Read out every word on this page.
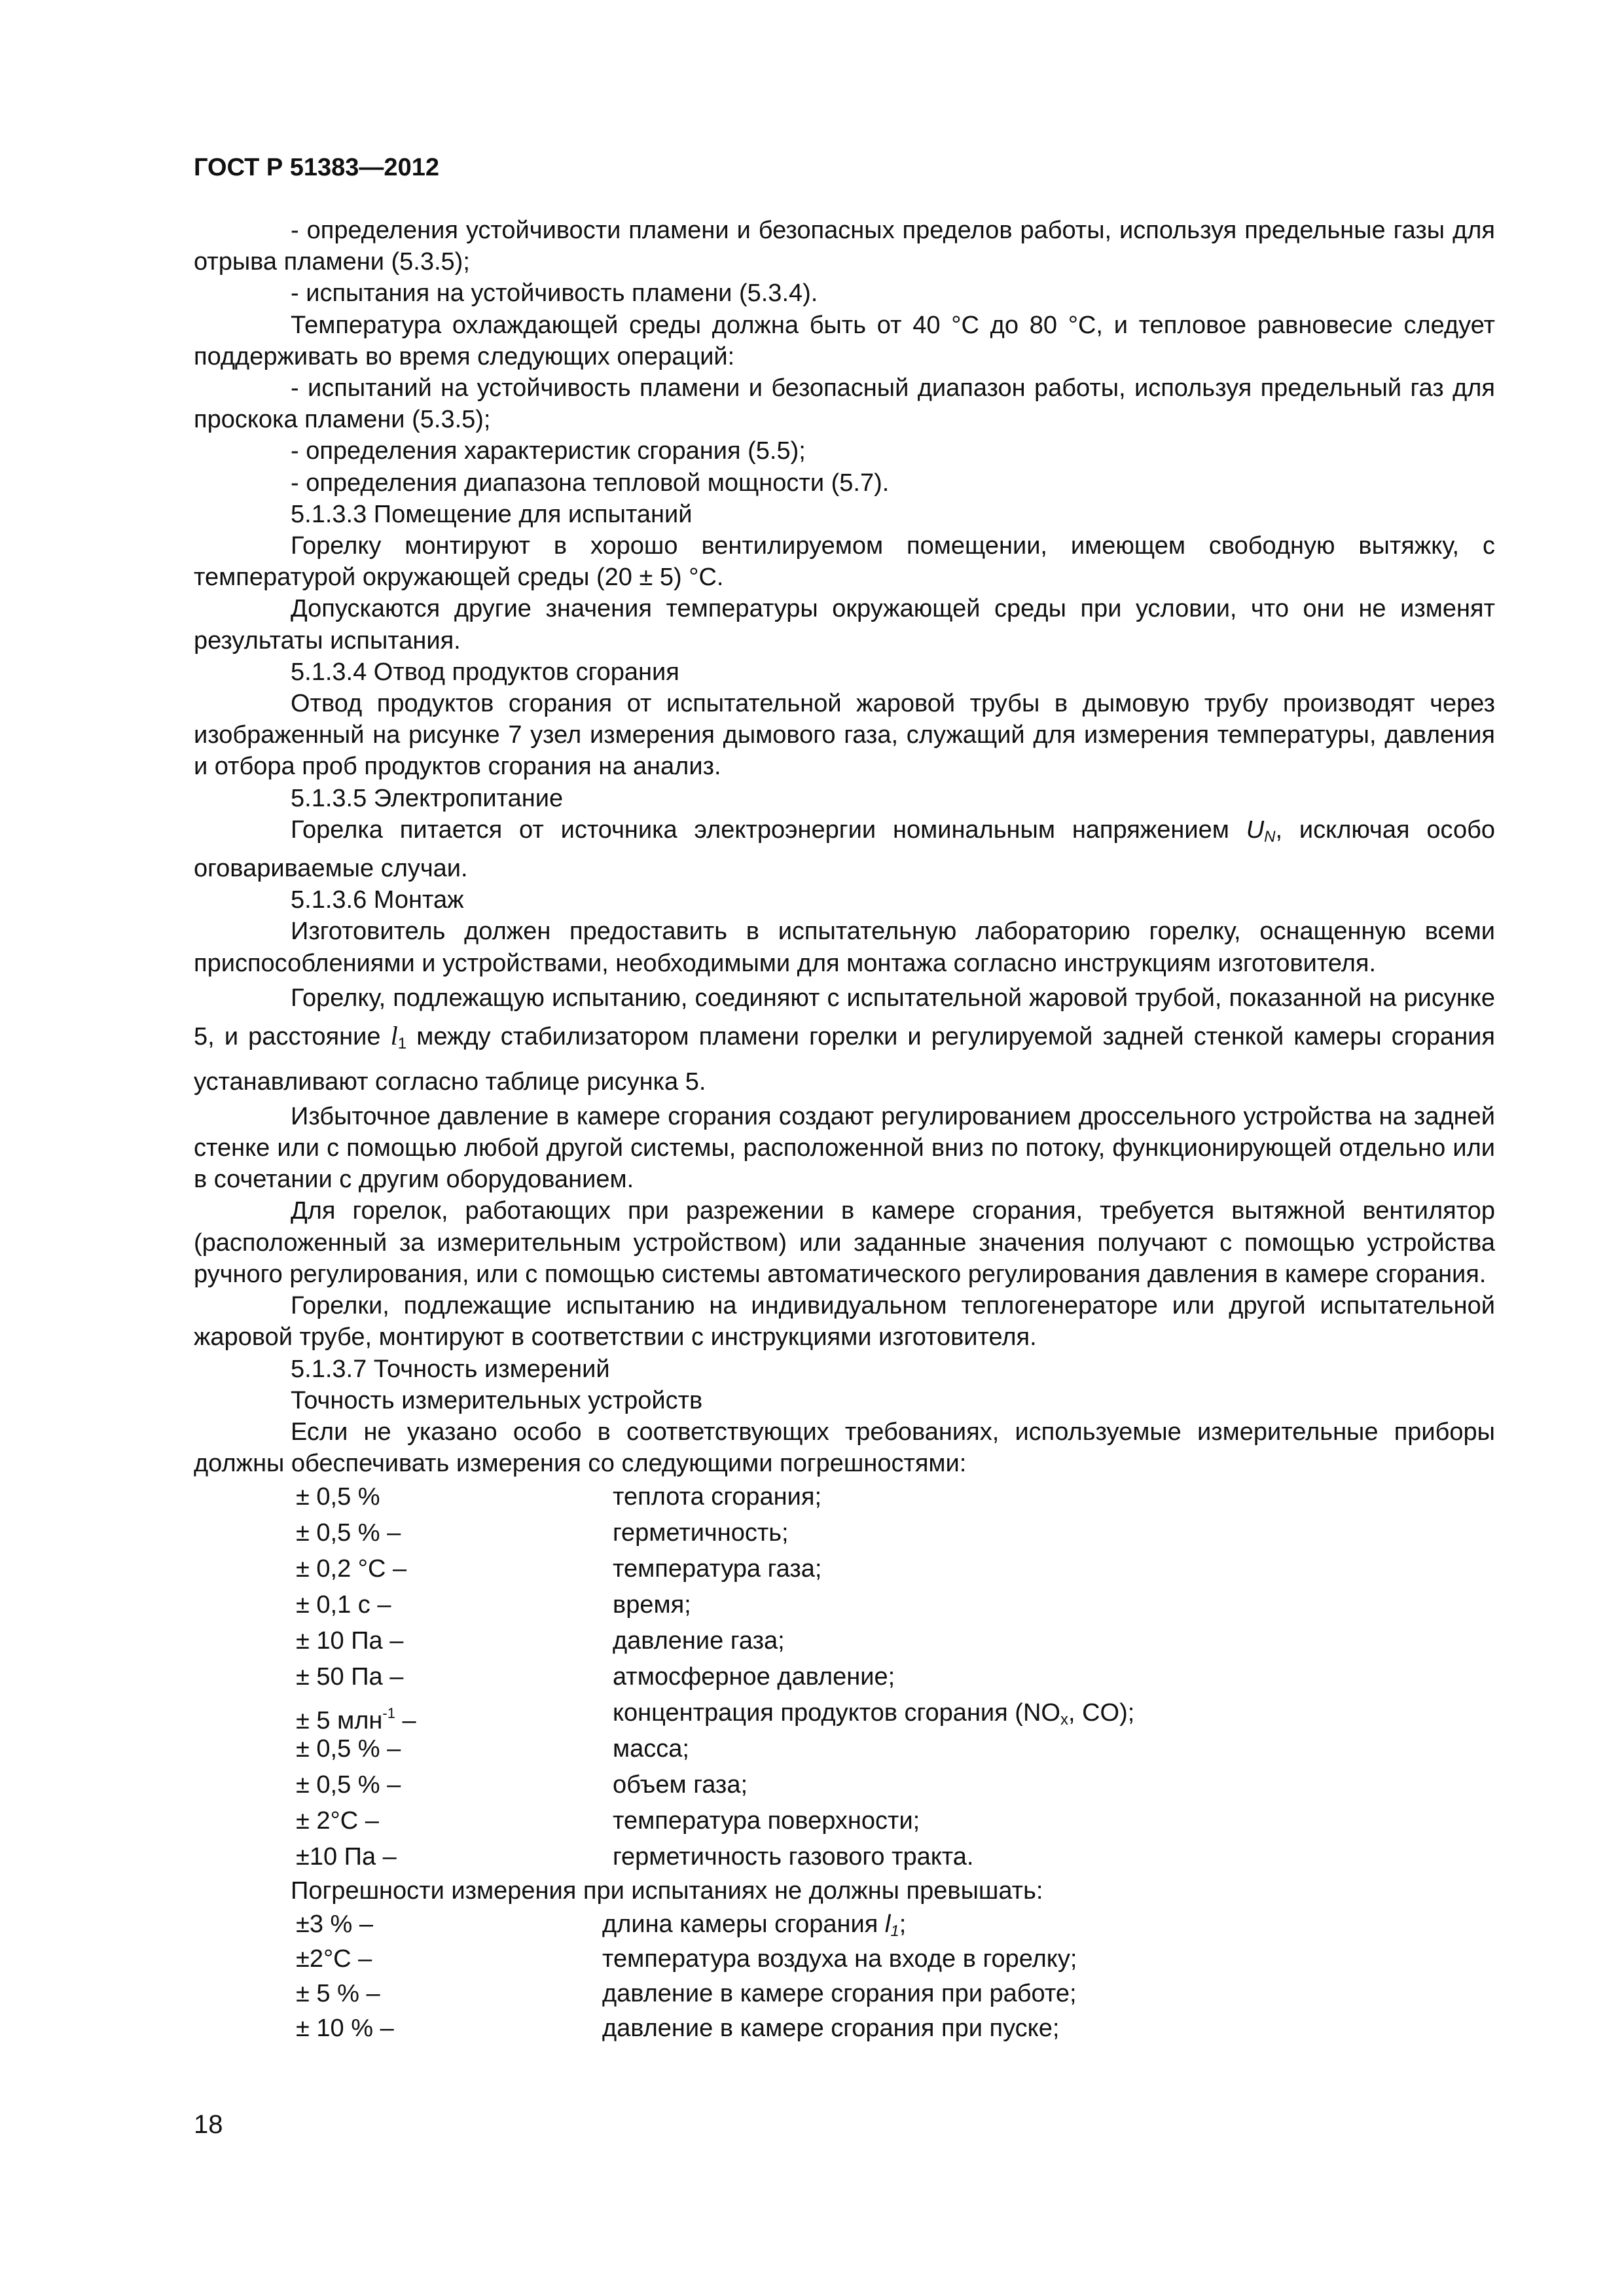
ГОСТ Р 51383—2012

- определения устойчивости пламени и безопасных пределов работы, используя предельные газы для отрыва пламени (5.3.5);

- испытания на устойчивость пламени (5.3.4).

Температура охлаждающей среды должна быть от 40 °С до 80 °С, и тепловое равновесие следует поддерживать во время следующих операций:

- испытаний на устойчивость пламени и безопасный диапазон работы, используя предельный газ для проскока пламени (5.3.5);

- определения характеристик сгорания (5.5);

- определения диапазона тепловой мощности (5.7).

5.1.3.3 Помещение для испытаний

Горелку монтируют в хорошо вентилируемом помещении, имеющем свободную вытяжку, с температурой окружающей среды (20 ± 5) °С.

Допускаются другие значения температуры окружающей среды при условии, что они не изменят результаты испытания.

5.1.3.4 Отвод продуктов сгорания

Отвод продуктов сгорания от испытательной жаровой трубы в дымовую трубу производят через изображенный на рисунке 7 узел измерения дымового газа, служащий для измерения температуры, давления и отбора проб продуктов сгорания на анализ.

5.1.3.5 Электропитание

Горелка питается от источника электроэнергии номинальным напряжением $U_N$, исключая особо оговариваемые случаи.

5.1.3.6 Монтаж

Изготовитель должен предоставить в испытательную лабораторию горелку, оснащенную всеми приспособлениями и устройствами, необходимыми для монтажа согласно инструкциям изготовителя.

Горелку, подлежащую испытанию, соединяют с испытательной жаровой трубой, показанной на рисунке 5, и расстояние $l_1$ между стабилизатором пламени горелки и регулируемой задней стенкой камеры сгорания устанавливают согласно таблице рисунка 5.

Избыточное давление в камере сгорания создают регулированием дроссельного устройства на задней стенке или с помощью любой другой системы, расположенной вниз по потоку, функционирующей отдельно или в сочетании с другим оборудованием.

Для горелок, работающих при разрежении в камере сгорания, требуется вытяжной вентилятор (расположенный за измерительным устройством) или заданные значения получают с помощью устройства ручного регулирования, или с помощью системы автоматического регулирования давления в камере сгорания.

Горелки, подлежащие испытанию на индивидуальном теплогенераторе или другой испытательной жаровой трубе, монтируют в соответствии с инструкциями изготовителя.

5.1.3.7 Точность измерений

Точность измерительных устройств

Если не указано особо в соответствующих требованиях, используемые измерительные приборы должны обеспечивать измерения со следующими погрешностями:

± 0,5 %	теплота сгорания;
± 0,5 % –	герметичность;
± 0,2 °С –	температура газа;
± 0,1 с –	время;
± 10 Па –	давление газа;
± 50 Па –	атмосферное давление;
± 5 млн$^{-1}$ –	концентрация продуктов сгорания ($NO_x$, CO);
± 0,5 % –	масса;
± 0,5 % –	объем газа;
± 2°С –	температура поверхности;
±10 Па –	герметичность газового тракта.

Погрешности измерения при испытаниях не должны превышать:

±3 % –	длина камеры сгорания $l_1$;
±2°С –	температура воздуха на входе в горелку;
± 5 % –	давление в камере сгорания при работе;
± 10 % –	давление в камере сгорания при пуске;
18
